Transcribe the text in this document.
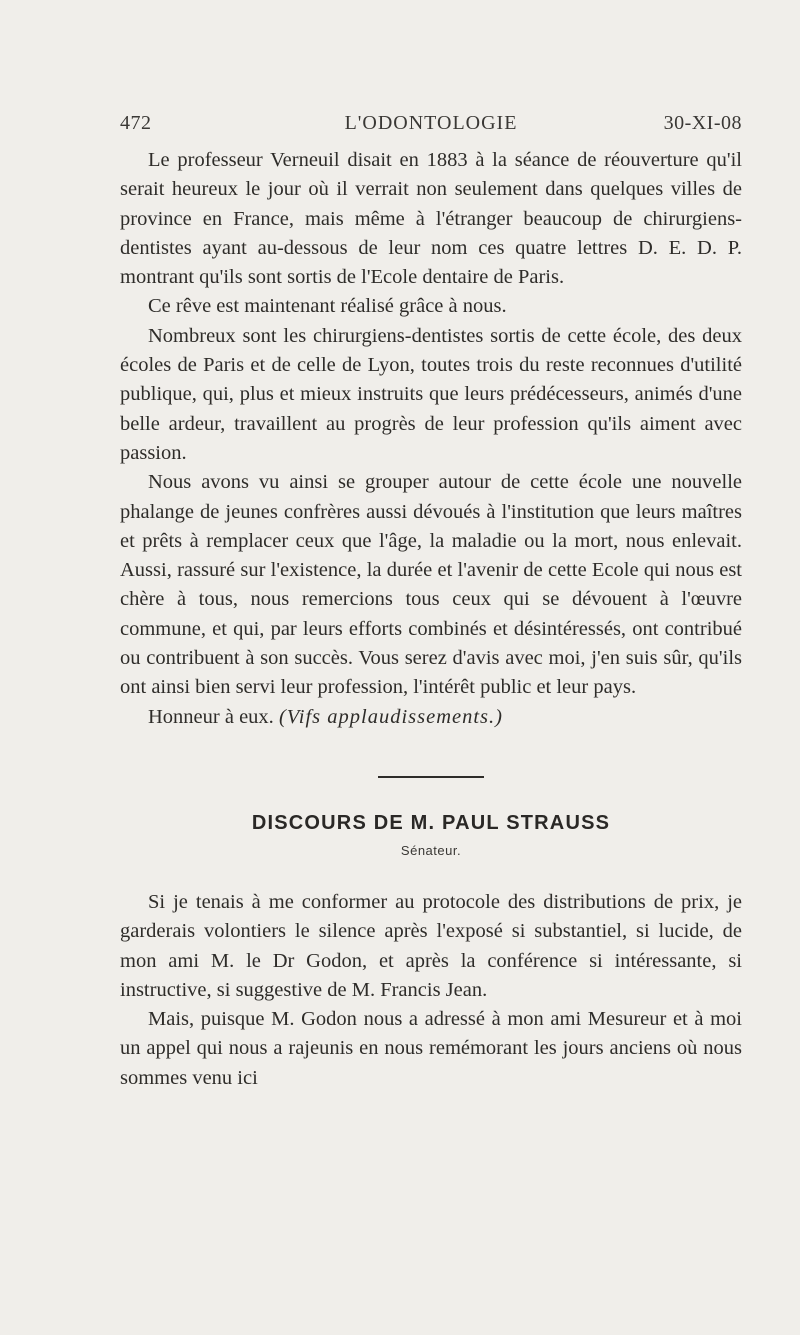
472	L'ODONTOLOGIE	30-XI-08

Le professeur Verneuil disait en 1883 à la séance de réouverture qu'il serait heureux le jour où il verrait non seulement dans quelques villes de province en France, mais même à l'étranger beaucoup de chirurgiens-dentistes ayant au-dessous de leur nom ces quatre lettres D. E. D. P. montrant qu'ils sont sortis de l'Ecole dentaire de Paris.

Ce rêve est maintenant réalisé grâce à nous.

Nombreux sont les chirurgiens-dentistes sortis de cette école, des deux écoles de Paris et de celle de Lyon, toutes trois du reste reconnues d'utilité publique, qui, plus et mieux instruits que leurs prédécesseurs, animés d'une belle ardeur, travaillent au progrès de leur profession qu'ils aiment avec passion.

Nous avons vu ainsi se grouper autour de cette école une nouvelle phalange de jeunes confrères aussi dévoués à l'institution que leurs maîtres et prêts à remplacer ceux que l'âge, la maladie ou la mort, nous enlevait. Aussi, rassuré sur l'existence, la durée et l'avenir de cette Ecole qui nous est chère à tous, nous remercions tous ceux qui se dévouent à l'œuvre commune, et qui, par leurs efforts combinés et désintéressés, ont contribué ou contribuent à son succès. Vous serez d'avis avec moi, j'en suis sûr, qu'ils ont ainsi bien servi leur profession, l'intérêt public et leur pays.

Honneur à eux. (Vifs applaudissements.)

DISCOURS DE M. PAUL STRAUSS
Sénateur.

Si je tenais à me conformer au protocole des distributions de prix, je garderais volontiers le silence après l'exposé si substantiel, si lucide, de mon ami M. le Dr Godon, et après la conférence si intéressante, si instructive, si suggestive de M. Francis Jean.

Mais, puisque M. Godon nous a adressé à mon ami Mesureur et à moi un appel qui nous a rajeunis en nous remémorant les jours anciens où nous sommes venu ici
